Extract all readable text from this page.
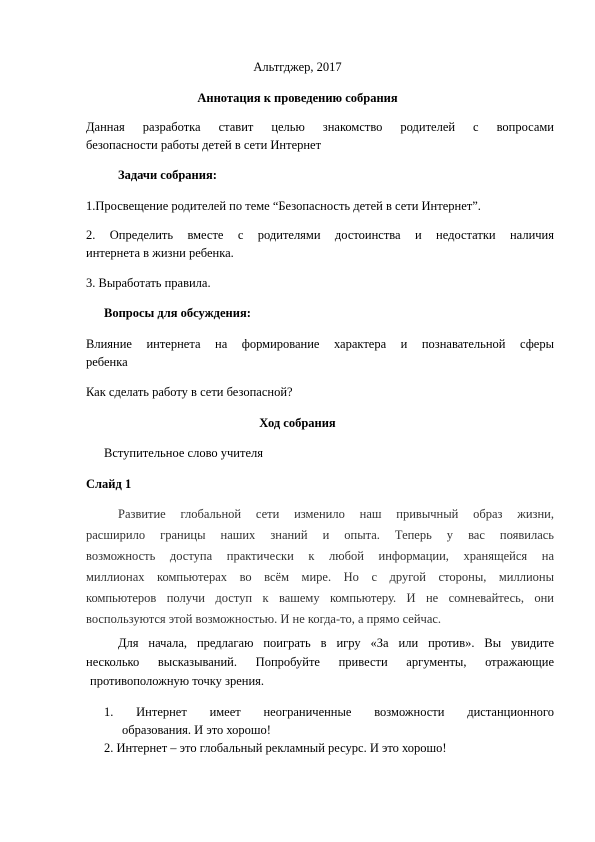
Альтгджер, 2017
Аннотация к проведению собрания
Данная разработка ставит целью знакомство родителей с вопросами
безопасности работы детей в сети Интернет
Задачи собрания:
1.Просвещение родителей по теме “Безопасность детей в сети Интернет”.
2. Определить вместе с родителями достоинства и недостатки наличия
интернета в жизни ребенка.
3. Выработать правила.
Вопросы для обсуждения:
Влияние интернета на формирование характера и познавательной сферы
ребенка
Как сделать работу в сети безопасной?
Ход собрания
Вступительное слово учителя
Слайд 1
Развитие глобальной сети изменило наш привычный образ жизни,
расширило границы наших знаний и опыта. Теперь у вас появилась
возможность доступа практически к любой информации, хранящейся на
миллионах компьютерах во всём мире. Но с другой стороны, миллионы
компьютеров получи доступ к вашему компьютеру. И не сомневайтесь, они
воспользуются этой возможностью. И не когда-то, а прямо сейчас.
Для начала, предлагаю поиграть в игру «За или против». Вы увидите
несколько высказываний. Попробуйте привести аргументы, отражающие
противоположную точку зрения.
1. Интернет имеет неограниченные возможности дистанционного
образования. И это хорошо!
2. Интернет – это глобальный рекламный ресурс. И это хорошо!
